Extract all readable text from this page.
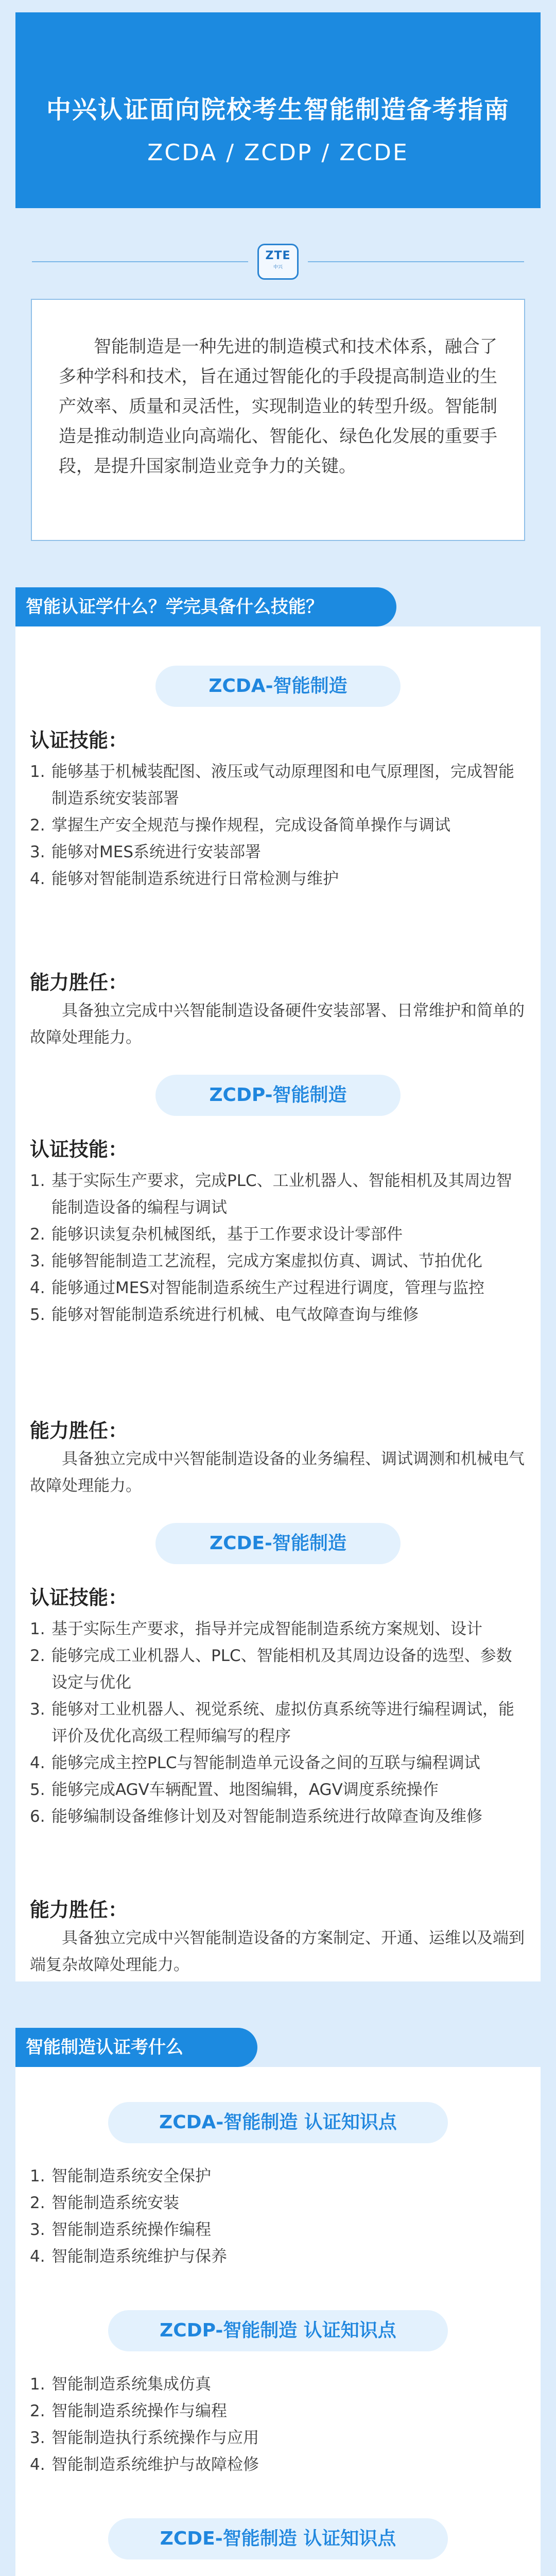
中兴认证面向院校考生智能制造备考指南
ZCDA / ZCDP / ZCDE
ZTE
中兴
智能制造是一种先进的制造模式和技术体系，融合了多种学科和技术，旨在通过智能化的手段提高制造业的生产效率、质量和灵活性，实现制造业的转型升级。智能制造是推动制造业向高端化、智能化、绿色化发展的重要手段，是提升国家制造业竞争力的关键。
智能认证学什么？学完具备什么技能？
ZCDA-智能制造
认证技能：
1. 能够基于机械装配图、液压或气动原理图和电气原理图，完成智能制造系统安装部署
2. 掌握生产安全规范与操作规程，完成设备简单操作与调试
3. 能够对MES系统进行安装部署
4. 能够对智能制造系统进行日常检测与维护
能力胜任：
具备独立完成中兴智能制造设备硬件安装部署、日常维护和简单的故障处理能力。
ZCDP-智能制造
认证技能：
1. 基于实际生产要求，完成PLC、工业机器人、智能相机及其周边智能制造设备的编程与调试
2. 能够识读复杂机械图纸，基于工作要求设计零部件
3. 能够智能制造工艺流程，完成方案虚拟仿真、调试、节拍优化
4. 能够通过MES对智能制造系统生产过程进行调度，管理与监控
5. 能够对智能制造系统进行机械、电气故障查询与维修
能力胜任：
具备独立完成中兴智能制造设备的业务编程、调试调测和机械电气故障处理能力。
ZCDE-智能制造
认证技能：
1. 基于实际生产要求，指导并完成智能制造系统方案规划、设计
2. 能够完成工业机器人、PLC、智能相机及其周边设备的选型、参数设定与优化
3. 能够对工业机器人、视觉系统、虚拟仿真系统等进行编程调试，能评价及优化高级工程师编写的程序
4. 能够完成主控PLC与智能制造单元设备之间的互联与编程调试
5. 能够完成AGV车辆配置、地图编辑，AGV调度系统操作
6. 能够编制设备维修计划及对智能制造系统进行故障查询及维修
能力胜任：
具备独立完成中兴智能制造设备的方案制定、开通、运维以及端到端复杂故障处理能力。
智能制造认证考什么
ZCDA-智能制造 认证知识点
1. 智能制造系统安全保护
2. 智能制造系统安装
3. 智能制造系统操作编程
4. 智能制造系统维护与保养
ZCDP-智能制造 认证知识点
1. 智能制造系统集成仿真
2. 智能制造系统操作与编程
3. 智能制造执行系统操作与应用
4. 智能制造系统维护与故障检修
ZCDE-智能制造 认证知识点
